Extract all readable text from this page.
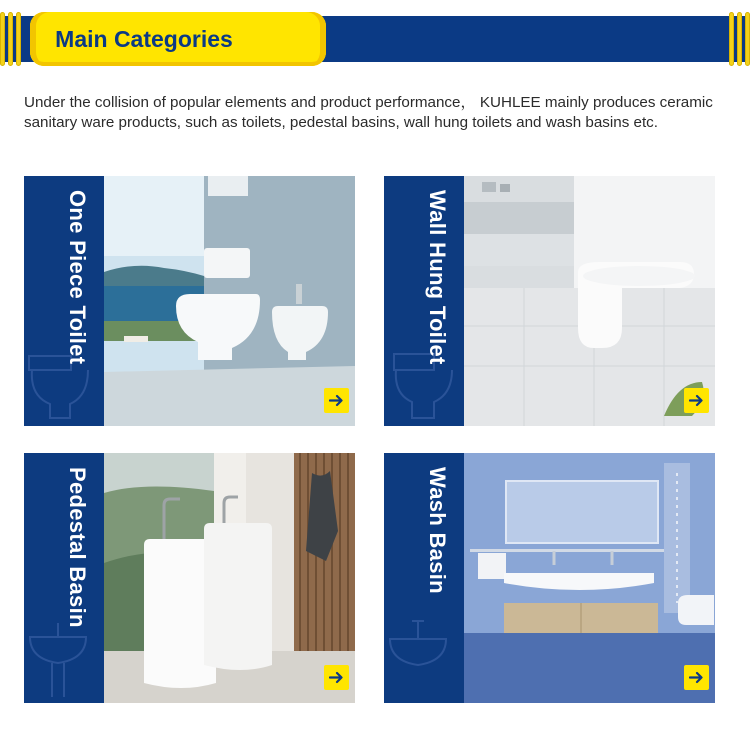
Main Categories
Under the collision of popular elements and product performance， KUHLEE mainly produces ceramic sanitary ware products, such as toilets, pedestal basins, wall hung toilets and wash basins etc.
One Piece Toilet	Wall Hung Toilet
Pedestal Basin	Wash Basin
